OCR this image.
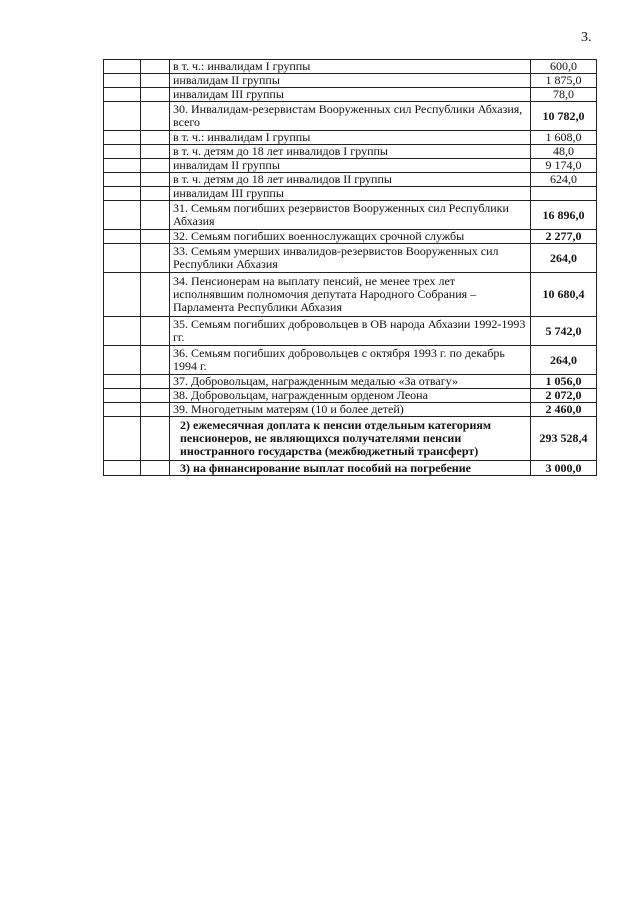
3.
		в т. ч.: инвалидам I группы	600,0
		инвалидам II группы	1 875,0
		инвалидам III группы	78,0
		30. Инвалидам-резервистам Вооруженных сил Республики Абхазия, всего	10 782,0
		в т. ч.: инвалидам I группы	1 608,0
		в т. ч. детям до 18 лет инвалидов I группы	48,0
		инвалидам II группы	9 174,0
		в т. ч. детям до 18 лет инвалидов II группы	624,0
		инвалидам III группы	
		31. Семьям погибших резервистов Вооруженных сил Республики Абхазия	16 896,0
		32. Семьям погибших военнослужащих срочной службы	2 277,0
		33. Семьям умерших инвалидов-резервистов Вооруженных сил Республики Абхазия	264,0
		34. Пенсионерам на выплату пенсий, не менее трех лет исполнявшим полномочия депутата Народного Собрания – Парламента Республики Абхазия	10 680,4
		35. Семьям погибших добровольцев в ОВ народа Абхазии 1992-1993 гг.	5 742,0
		36. Семьям погибших добровольцев с октября 1993 г. по декабрь 1994 г.	264,0
		37. Добровольцам, награжденным медалью «За отвагу»	1 056,0
		38. Добровольцам, награжденным орденом Леона	2 072,0
		39. Многодетным матерям (10 и более детей)	2 460,0
		2) ежемесячная доплата к пенсии отдельным категориям пенсионеров, не являющихся получателями пенсии иностранного государства (межбюджетный трансферт)	293 528,4
		3) на финансирование выплат пособий на погребение	3 000,0
